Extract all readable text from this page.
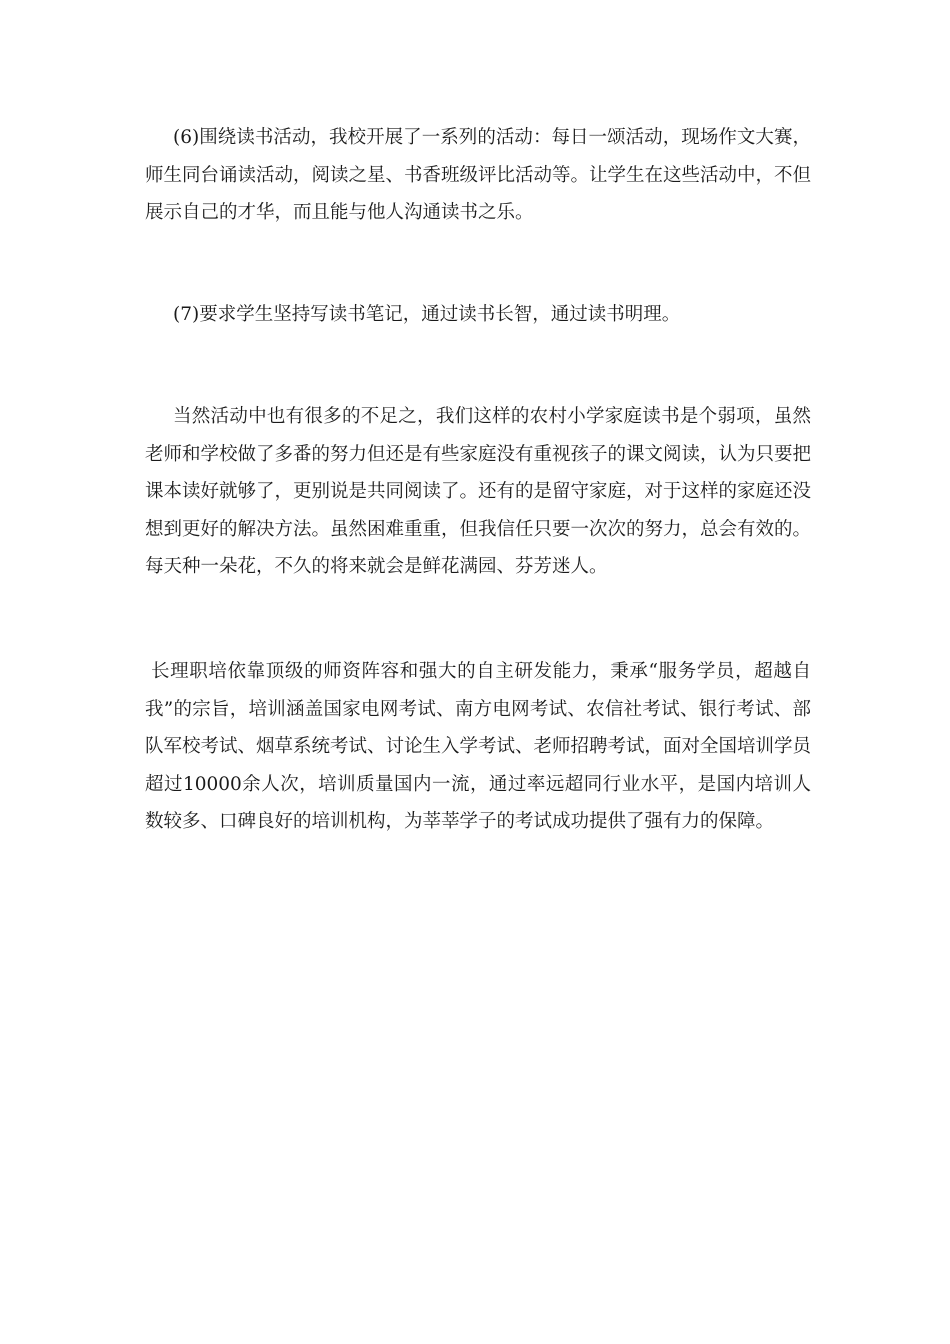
(6)围绕读书活动，我校开展了一系列的活动：每日一颂活动，现场作文大赛，师生同台诵读活动，阅读之星、书香班级评比活动等。让学生在这些活动中，不但展示自己的才华，而且能与他人沟通读书之乐。

(7)要求学生坚持写读书笔记，通过读书长智，通过读书明理。

当然活动中也有很多的不足之，我们这样的农村小学家庭读书是个弱项，虽然老师和学校做了多番的努力但还是有些家庭没有重视孩子的课文阅读，认为只要把课本读好就够了，更别说是共同阅读了。还有的是留守家庭，对于这样的家庭还没想到更好的解决方法。虽然困难重重，但我信任只要一次次的努力，总会有效的。每天种一朵花，不久的将来就会是鲜花满园、芬芳迷人。

长理职培依靠顶级的师资阵容和强大的自主研发能力，秉承“服务学员，超越自我”的宗旨，培训涵盖国家电网考试、南方电网考试、农信社考试、银行考试、部队军校考试、烟草系统考试、讨论生入学考试、老师招聘考试，面对全国培训学员超过10000余人次，培训质量国内一流，通过率远超同行业水平，是国内培训人数较多、口碑良好的培训机构，为莘莘学子的考试成功提供了强有力的保障。
